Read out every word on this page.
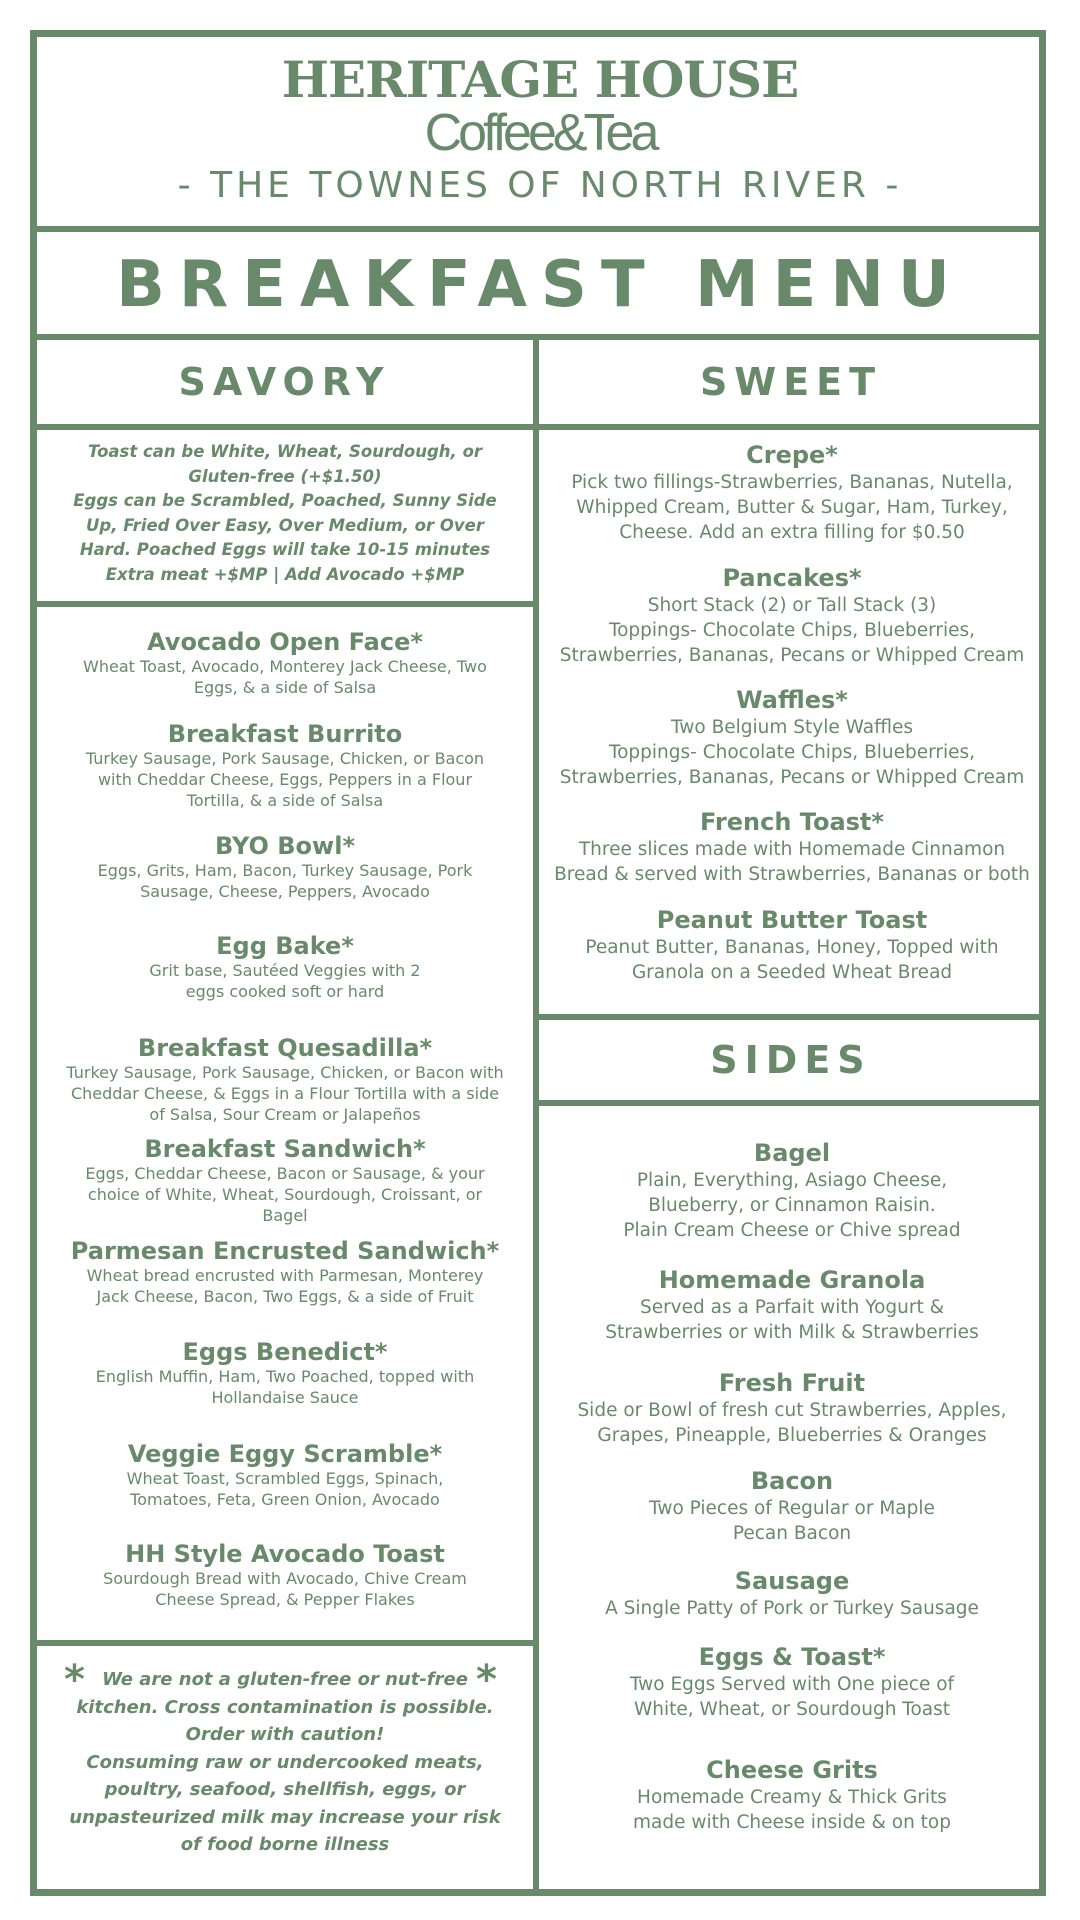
HERITAGE HOUSE
Coffee&Tea
- THE TOWNES OF NORTH RIVER -
BREAKFAST MENU
SAVORY	SWEET
SIDES
Toast can be White, Wheat, Sourdough, or
Gluten-free (+$1.50)
Eggs can be Scrambled, Poached, Sunny Side
Up, Fried Over Easy, Over Medium, or Over
Hard. Poached Eggs will take 10-15 minutes
Extra meat +$MP | Add Avocado +$MP
Avocado Open Face*
Wheat Toast, Avocado, Monterey Jack Cheese, Two
Eggs, & a side of Salsa
Breakfast Burrito
Turkey Sausage, Pork Sausage, Chicken, or Bacon
with Cheddar Cheese, Eggs, Peppers in a Flour
Tortilla, & a side of Salsa
BYO Bowl*
Eggs, Grits, Ham, Bacon, Turkey Sausage, Pork
Sausage, Cheese, Peppers, Avocado
Egg Bake*
Grit base, Sautéed Veggies with 2
eggs cooked soft or hard
Breakfast Quesadilla*
Turkey Sausage, Pork Sausage, Chicken, or Bacon with
Cheddar Cheese, & Eggs in a Flour Tortilla with a side
of Salsa, Sour Cream or Jalapeños
Breakfast Sandwich*
Eggs, Cheddar Cheese, Bacon or Sausage, & your
choice of White, Wheat, Sourdough, Croissant, or
Bagel
Parmesan Encrusted Sandwich*
Wheat bread encrusted with Parmesan, Monterey
Jack Cheese, Bacon, Two Eggs, & a side of Fruit
Eggs Benedict*
English Muffin, Ham, Two Poached, topped with
Hollandaise Sauce
Veggie Eggy Scramble*
Wheat Toast, Scrambled Eggs, Spinach,
Tomatoes, Feta, Green Onion, Avocado
HH Style Avocado Toast
Sourdough Bread with Avocado, Chive Cream
Cheese Spread, & Pepper Flakes
*	*
We are not a gluten-free or nut-free
kitchen. Cross contamination is possible.
Order with caution!
Consuming raw or undercooked meats,
poultry, seafood, shellfish, eggs, or
unpasteurized milk may increase your risk
of food borne illness
Crepe*
Pick two fillings-Strawberries, Bananas, Nutella,
Whipped Cream, Butter & Sugar, Ham, Turkey,
Cheese. Add an extra filling for $0.50
Pancakes*
Short Stack (2) or Tall Stack (3)
Toppings- Chocolate Chips, Blueberries,
Strawberries, Bananas, Pecans or Whipped Cream
Waffles*
Two Belgium Style Waffles
Toppings- Chocolate Chips, Blueberries,
Strawberries, Bananas, Pecans or Whipped Cream
French Toast*
Three slices made with Homemade Cinnamon
Bread & served with Strawberries, Bananas or both
Peanut Butter Toast
Peanut Butter, Bananas, Honey, Topped with
Granola on a Seeded Wheat Bread
Bagel
Plain, Everything, Asiago Cheese,
Blueberry, or Cinnamon Raisin.
Plain Cream Cheese or Chive spread
Homemade Granola
Served as a Parfait with Yogurt &
Strawberries or with Milk & Strawberries
Fresh Fruit
Side or Bowl of fresh cut Strawberries, Apples,
Grapes, Pineapple, Blueberries & Oranges
Bacon
Two Pieces of Regular or Maple
Pecan Bacon
Sausage
A Single Patty of Pork or Turkey Sausage
Eggs & Toast*
Two Eggs Served with One piece of
White, Wheat, or Sourdough Toast
Cheese Grits
Homemade Creamy & Thick Grits
made with Cheese inside & on top
